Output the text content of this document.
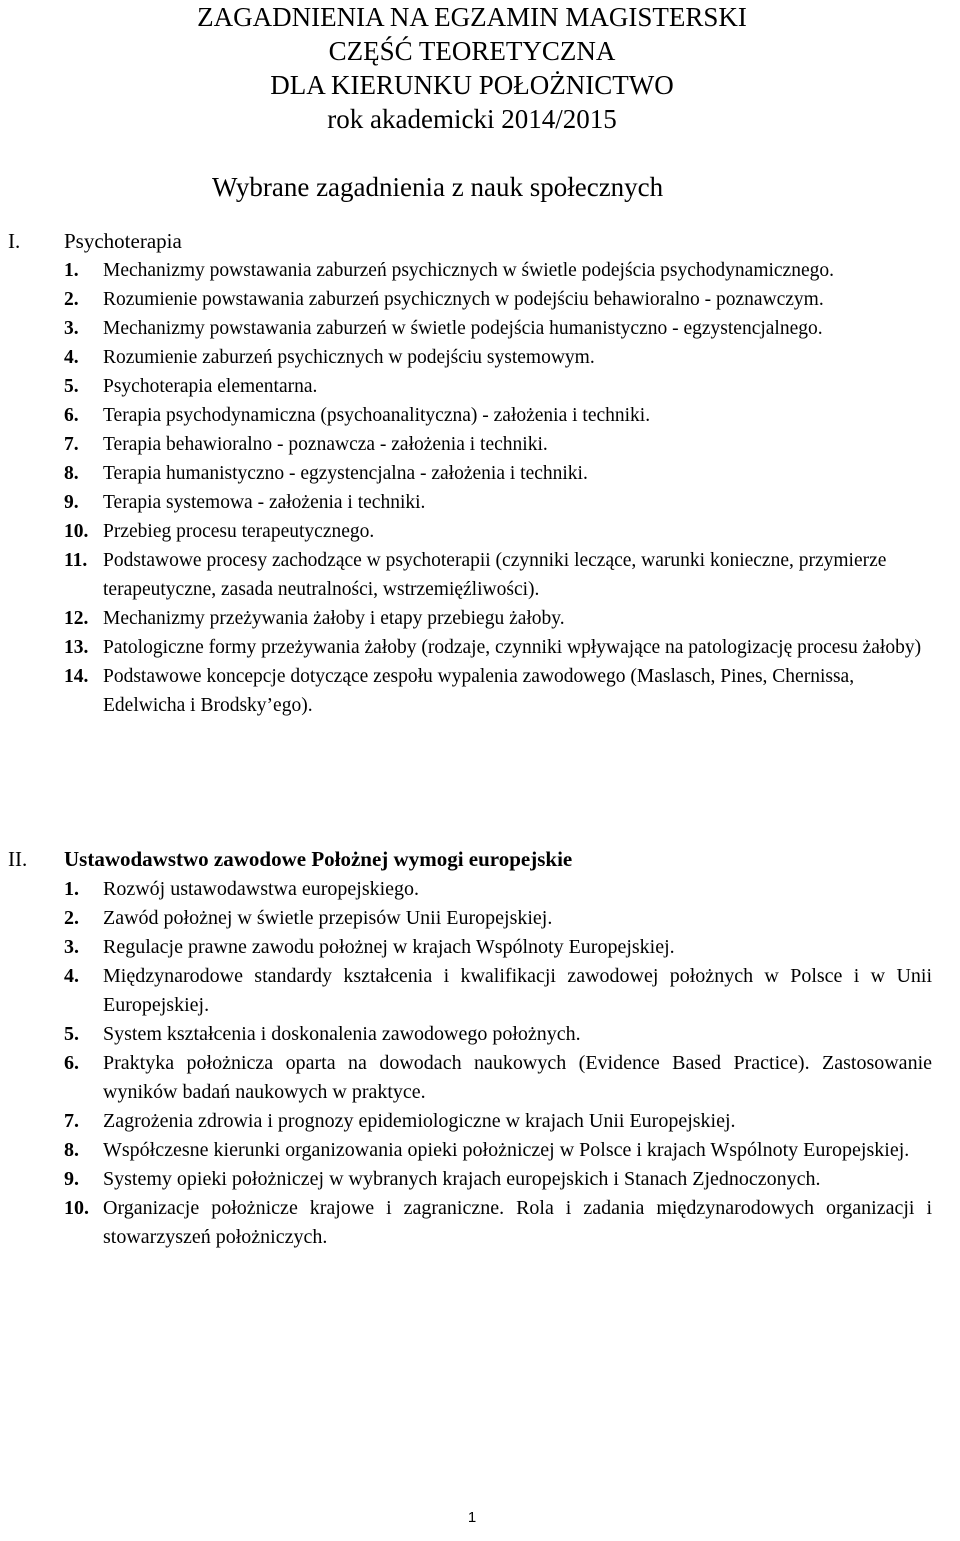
ZAGADNIENIA NA EGZAMIN MAGISTERSKI
CZĘŚĆ TEORETYCZNA
DLA KIERUNKU POŁOŻNICTWO
rok akademicki 2014/2015
Wybrane zagadnienia z nauk społecznych
I. Psychoterapia
1.	Mechanizmy powstawania zaburzeń psychicznych w świetle podejścia psychodynamicznego.
2.	Rozumienie powstawania zaburzeń psychicznych w podejściu behawioralno - poznawczym.
3.	Mechanizmy powstawania zaburzeń w świetle podejścia humanistyczno - egzystencjalnego.
4.	Rozumienie zaburzeń psychicznych w podejściu systemowym.
5.	Psychoterapia elementarna.
6.	Terapia psychodynamiczna (psychoanalityczna) - założenia i techniki.
7.	Terapia behawioralno - poznawcza - założenia i techniki.
8.	Terapia humanistyczno - egzystencjalna - założenia i techniki.
9.	Terapia systemowa - założenia i techniki.
10. Przebieg procesu terapeutycznego.
11. Podstawowe procesy zachodzące w psychoterapii (czynniki leczące, warunki konieczne, przymierze terapeutyczne, zasada neutralności, wstrzemięźliwości).
12. Mechanizmy przeżywania żałoby i etapy przebiegu żałoby.
13. Patologiczne formy przeżywania żałoby (rodzaje, czynniki wpływające na patologizację procesu żałoby)
14. Podstawowe koncepcje dotyczące zespołu wypalenia zawodowego (Maslasch, Pines, Chernissa, Edelwicha i Brodsky’ego).
II. Ustawodawstwo zawodowe Położnej wymogi europejskie
1.	Rozwój ustawodawstwa europejskiego.
2.	Zawód położnej w świetle przepisów Unii Europejskiej.
3.	Regulacje prawne zawodu położnej w krajach Wspólnoty Europejskiej.
4.	Międzynarodowe standardy kształcenia i kwalifikacji zawodowej położnych w Polsce i w Unii Europejskiej.
5.	System kształcenia i doskonalenia zawodowego położnych.
6.	Praktyka położnicza oparta na dowodach naukowych (Evidence Based Practice). Zastosowanie wyników badań naukowych w praktyce.
7.	Zagrożenia zdrowia i prognozy epidemiologiczne w krajach Unii Europejskiej.
8.	Współczesne kierunki organizowania opieki położniczej w Polsce i krajach Wspólnoty Europejskiej.
9.	Systemy opieki położniczej w wybranych krajach europejskich i Stanach Zjednoczonych.
10. Organizacje położnicze krajowe i zagraniczne. Rola i zadania międzynarodowych organizacji i stowarzyszeń położniczych.
1
